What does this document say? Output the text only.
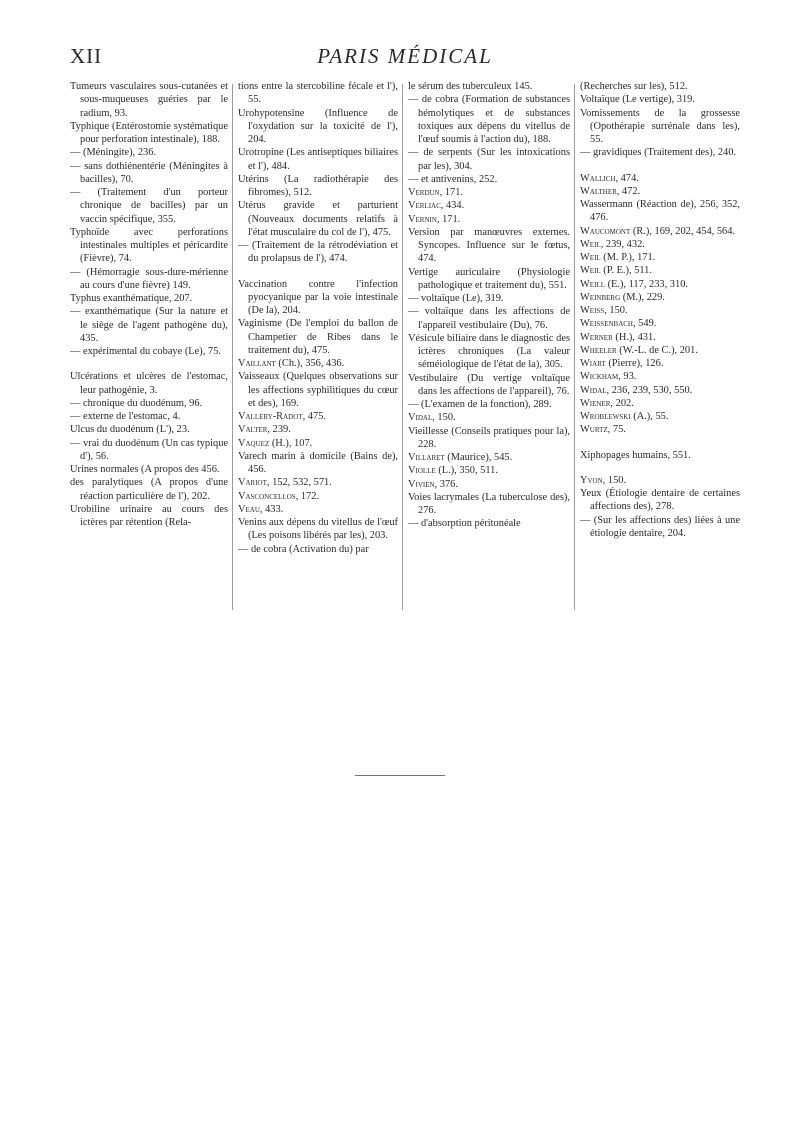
XII	PARIS MÉDICAL

Tumeurs vasculaires sous-cutanées et sous-muqueuses guéries par le radium, 93.

Typhique (Entérostomie systématique pour perforation intestinale), 188.

— (Méningite), 236.

— sans dothiénentérie (Méningites à bacilles), 70.

— (Traitement d'un porteur chronique de bacilles) par un vaccin spécifique, 355.

Typhoïde avec perforations intestinales multiples et péricardite (Fièvre), 74.

— (Hémorragie sous-dure-mérienne au cours d'une fièvre) 149.

Typhus exanthématique, 207.

— exanthématique (Sur la nature et le siège de l'agent pathogène du), 435.

— expérimental du cobaye (Le), 75.

Ulcérations et ulcères de l'estomac, leur pathogénie, 3.

— chronique du duodénum, 96.

— externe de l'estomac, 4.

Ulcus du duodénum (L'), 23.

— vrai du duodénum (Un cas typique d'), 56.

Urines normales (A propos des 456.

des paralytiques (A propos d'une réaction particulière de l'), 202.

Urobiline urinaire au cours des ictères par rétention (Rela-

tions entre la stercobiline fécale et l'), 55.

Urohypotensine (Influence de l'oxydation sur la toxicité de l'), 204.

Urotropine (Les antiseptiques biliaires et l'), 484.

Utérins (La radiothérapie des fibromes), 512.

Utérus gravide et parturient (Nouveaux documents relatifs à l'état musculaire du col de l'), 475.

— (Traitement de la rétrodéviation et du prolapsus de l'), 474.

Vaccination contre l'infection pyocyanique par la voie intestinale (De la), 204.

Vaginisme (De l'emploi du ballon de Champetier de Ribes dans le traitement du), 475.

Vaillant (Ch.), 356, 436.

Vaisseaux (Quelques observations sur les affections syphilitiques du cœur et des), 169.

Vallery-Radot, 475.

Valter, 239.

Vaquez (H.), 107.

Varech marin à domicile (Bains de), 456.

Variot, 152, 532, 571.

Vasconcellos, 172.

Veau, 433.

Venins aux dépens du vitellus de l'œuf (Les poisons libérés par les), 203.

— de cobra (Activation du) par

le sérum des tuberculeux 145.

— de cobra (Formation de substances hémolytiques et de substances toxiques aux dépens du vitellus de l'œuf soumis à l'action du), 188.

— de serpents (Sur les intoxications par les), 304.

— et antivenins, 252.

Verdun, 171.

Verliac, 434.

Vernin, 171.

Version par manœuvres externes. Syncopes. Influence sur le fœtus, 474.

Vertige auriculaire (Physiologie pathologique et traitement du), 551.

— voltaïque (Le), 319.

— voltaïque dans les affections de l'appareil vestibulaire (Du), 76.

Vésicule biliaire dans le diagnostic des ictères chroniques (La valeur séméiologique de l'état de la), 305.

Vestibulaire (Du vertige voltaïque dans les affections de l'appareil), 76.

— (L'examen de la fonction), 289.

Vidal, 150.

Vieillesse (Conseils pratiques pour la), 228.

Villaret (Maurice), 545.

Violle (L.), 350, 511.

Vivien, 376.

Voies lacrymales (La tuberculose des), 276.

— d'absorption péritonéale

(Recherches sur les), 512.

Voltaïque (Le vertige), 319.

Vomissements de la grossesse (Opothérapie surrénale dans les), 55.

— gravidiques (Traitement des), 240.

Wallich, 474.

Walther, 472.

Wassermann (Réaction de), 256, 352, 476.

Waucomont (R.), 169, 202, 454, 564.

Weil, 239, 432.

Weil (M. P.), 171.

Weil (P. E.), 511.

Weill (E.), 117, 233, 310.

Weinberg (M.), 229.

Weiss, 150.

Weissenbach, 549.

Werner (H.), 431.

Wheeler (W.-L. de C.), 201.

Wiart (Pierre), 126.

Wickham, 93.

Widal, 236, 239, 530, 550.

Wiener, 202.

Wroblewski (A.), 55.

Wurtz, 75.

Xiphopages humains, 551.

Yvon, 150.

Yeux (Étiologie dentaire de certaines affections des), 278.

— (Sur les affections des) liées à une étiologie dentaire, 204.
